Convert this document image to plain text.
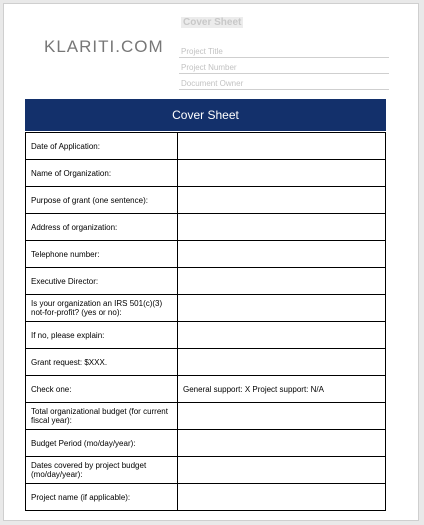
KLARITI.COM
Cover Sheet
Project Title
Project Number
Document Owner
Cover Sheet
Date of Application:	
Name of Organization:	
Purpose of grant (one sentence):	
Address of organization:	
Telephone number:	
Executive Director:	
Is your organization an IRS 501(c)(3) not-for-profit? (yes or no):	
If no, please explain:	
Grant request: $XXX.	
Check one:	General support: X Project support: N/A
Total organizational budget (for current fiscal year):	
Budget Period (mo/day/year):	
Dates covered by project budget (mo/day/year):	
Project name (if applicable):	
